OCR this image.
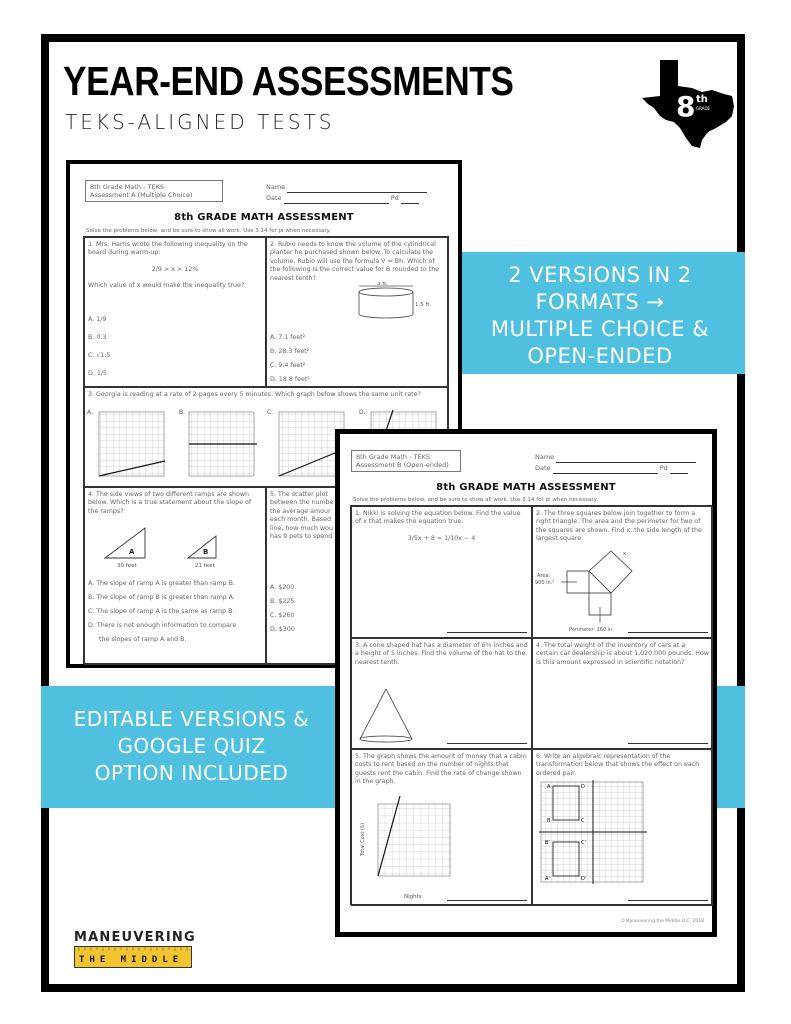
YEAR-END ASSESSMENTS
TEKS-ALIGNED TESTS	8 th
GRADE
2 VERSIONS IN 2
FORMATS →
MULTIPLE CHOICE &
OPEN-ENDED
EDITABLE VERSIONS &
GOOGLE QUIZ
OPTION INCLUDED
8th Grade Math - TEKS
Assessment A (Multiple Choice)
Name
Date	Pd
8th GRADE MATH ASSESSMENT
Solve the problems below, and be sure to show all work. Use 3.14 for pi when necessary.
1. Mrs. Harris wrote the following inequality on the board during warm-up:
2/9 > x > 12%
Which value of x would make the inequality true?
A. 1/9
B. 0.3
C. √1.5
D. 1/5
2. Rubio needs to know the volume of the cylindrical planter he purchased shown below. To calculate the volume, Rubio will use the formula V = Bh. Which of the following is the correct value for B rounded to the nearest tenth?
3 ft.
1.5 ft.
A. 7.1 feet²
B. 28.3 feet²
C. 9.4 feet²
D. 18.8 feet²
3. Georgia is reading at a rate of 2 pages every 5 minutes. Which graph below shows the same unit rate?
A.	B.	C.	D.
4. The side views of two different ramps are shown below. Which is a true statement about the slope of the ramps?
A
30 feet
B
21 feet
A. The slope of ramp A is greater than ramp B.
B. The slope of ramp B is greater than ramp A.
C. The slope of ramp A is the same as ramp B.
D. There is not enough information to compare
the slopes of ramp A and B.
5. The scatter plot between the numbe the average amour each month. Based line, how much wou has 9 pets to spend
A. $200
B. $225
C. $260
D. $300
8th Grade Math - TEKS
Assessment B (Open-ended)
Name
Date	Pd
8th GRADE MATH ASSESSMENT
Solve the problems below, and be sure to show all work. Use 3.14 for pi when necessary.
1. Nikki is solving the equation below. Find the value of x that makes the equation true.
3/5x + 8 = 1/10x − 4
2. The three squares below join together to form a right triangle. The area and the perimeter for two of the squares are shown. Find x, the side length of the largest square.
x
Area:
900 in.²
Perimeter: 160 in.
3. A cone shaped hat has a diameter of 6¾ inches and a height of 5 inches. Find the volume of the hat to the nearest tenth.
4. The total weight of the inventory of cars at a certain car dealership is about 1,020,000 pounds. How is this amount expressed in scientific notation?
5. The graph shows the amount of money that a cabin costs to rent based on the number of nights that guests rent the cabin. Find the rate of change shown in the graph.
Total Cost ($)
Nights
6. Write an algebraic representation of the transformation below that shows the effect on each ordered pair.
A	D
B	C
B'	C'
A'	D'
©Maneuvering the Middle LLC, 2018
MANEUVERING
THE MIDDLE
